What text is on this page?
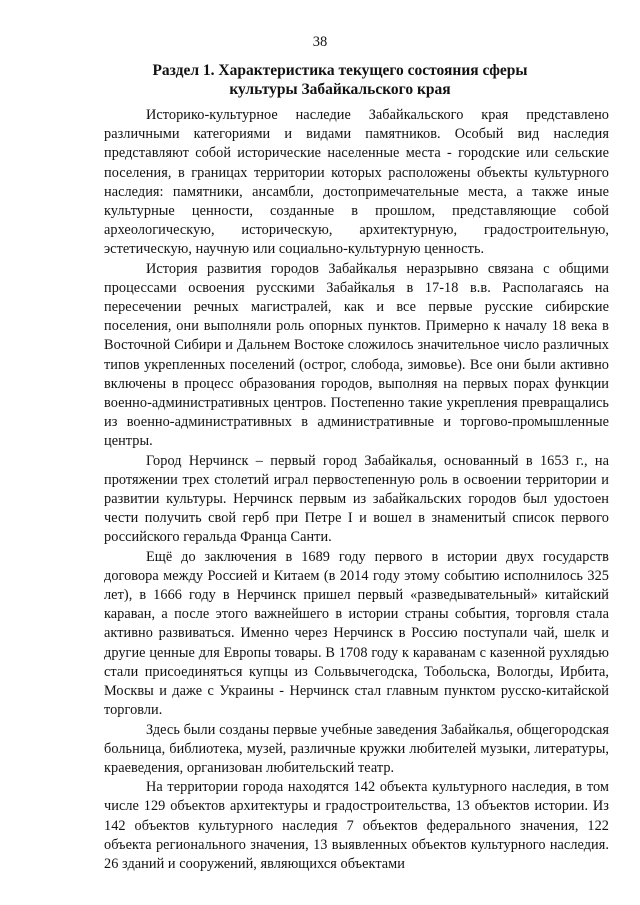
38
Раздел 1. Характеристика текущего состояния сферы культуры Забайкальского края

Историко-культурное наследие Забайкальского края представлено различными категориями и видами памятников. Особый вид наследия представляют собой исторические населенные места - городские или сельские поселения, в границах территории которых расположены объекты культурного наследия: памятники, ансамбли, достопримечательные места, а также иные культурные ценности, созданные в прошлом, представляющие собой археологическую, историческую, архитектурную, градостроительную, эстетическую, научную или социально-культурную ценность.

История развития городов Забайкалья неразрывно связана с общими процессами освоения русскими Забайкалья в 17-18 в.в. Располагаясь на пересечении речных магистралей, как и все первые русские сибирские поселения, они выполняли роль опорных пунктов. Примерно к началу 18 века в Восточной Сибири и Дальнем Востоке сложилось значительное число различных типов укрепленных поселений (острог, слобода, зимовье). Все они были активно включены в процесс образования городов, выполняя на первых порах функции военно-административных центров. Постепенно такие укрепления превращались из военно-административных в административные и торгово-промышленные центры.

Город Нерчинск – первый город Забайкалья, основанный в 1653 г., на протяжении трех столетий играл первостепенную роль в освоении территории и развитии культуры. Нерчинск первым из забайкальских городов был удостоен чести получить свой герб при Петре I и вошел в знаменитый список первого российского геральда Франца Санти.

Ещё до заключения в 1689 году первого в истории двух государств договора между Россией и Китаем (в 2014 году этому событию исполнилось 325 лет), в 1666 году в Нерчинск пришел первый «разведывательный» китайский караван, а после этого важнейшего в истории страны события, торговля стала активно развиваться. Именно через Нерчинск в Россию поступали чай, шелк и другие ценные для Европы товары. В 1708 году к караванам с казенной рухлядью стали присоединяться купцы из Сольвычегодска, Тобольска, Вологды, Ирбита, Москвы и даже с Украины - Нерчинск стал главным пунктом русско-китайской торговли.

Здесь были созданы первые учебные заведения Забайкалья, общегородская больница, библиотека, музей, различные кружки любителей музыки, литературы, краеведения, организован любительский театр.

На территории города находятся 142 объекта культурного наследия, в том числе 129 объектов архитектуры и градостроительства, 13 объектов истории. Из 142 объектов культурного наследия 7 объектов федерального значения, 122 объекта регионального значения, 13 выявленных объектов культурного наследия. 26 зданий и сооружений, являющихся объектами
